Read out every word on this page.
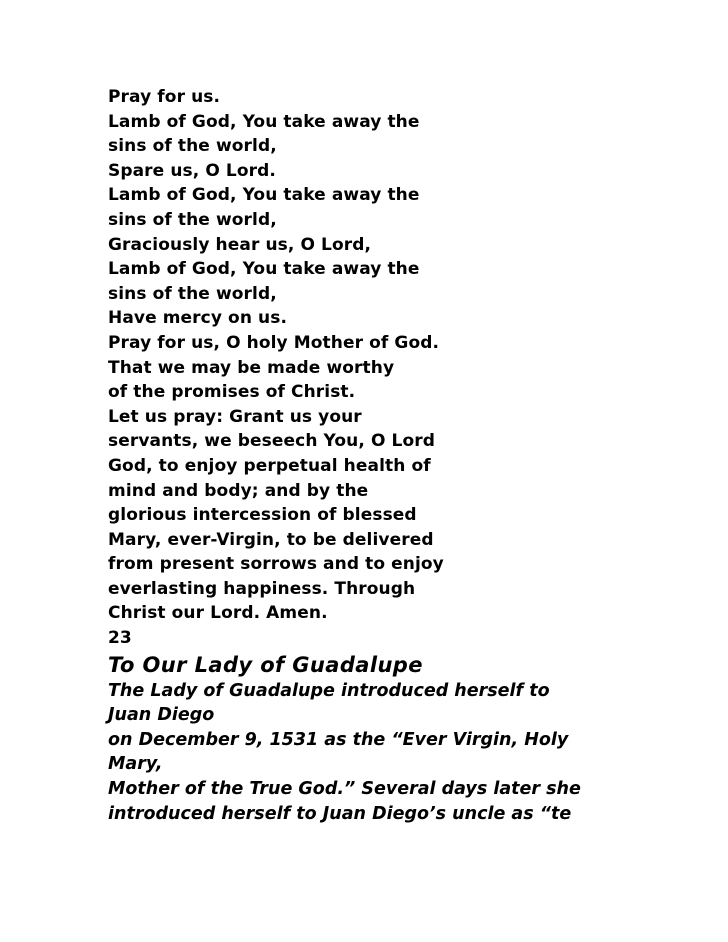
Pray for us.
Lamb of God, You take away the
sins of the world,
Spare us, O Lord.
Lamb of God, You take away the
sins of the world,
Graciously hear us, O Lord,
Lamb of God, You take away the
sins of the world,
Have mercy on us.
Pray for us, O holy Mother of God.
That we may be made worthy
of the promises of Christ.
Let us pray: Grant us your
servants, we beseech You, O Lord
God, to enjoy perpetual health of
mind and body; and by the
glorious intercession of blessed
Mary, ever-Virgin, to be delivered
from present sorrows and to enjoy
everlasting happiness. Through
Christ our Lord. Amen.
23
To Our Lady of Guadalupe
The Lady of Guadalupe introduced herself to
Juan Diego
on December 9, 1531 as the “Ever Virgin, Holy
Mary,
Mother of the True God.” Several days later she
introduced herself to Juan Diego’s uncle as “te
